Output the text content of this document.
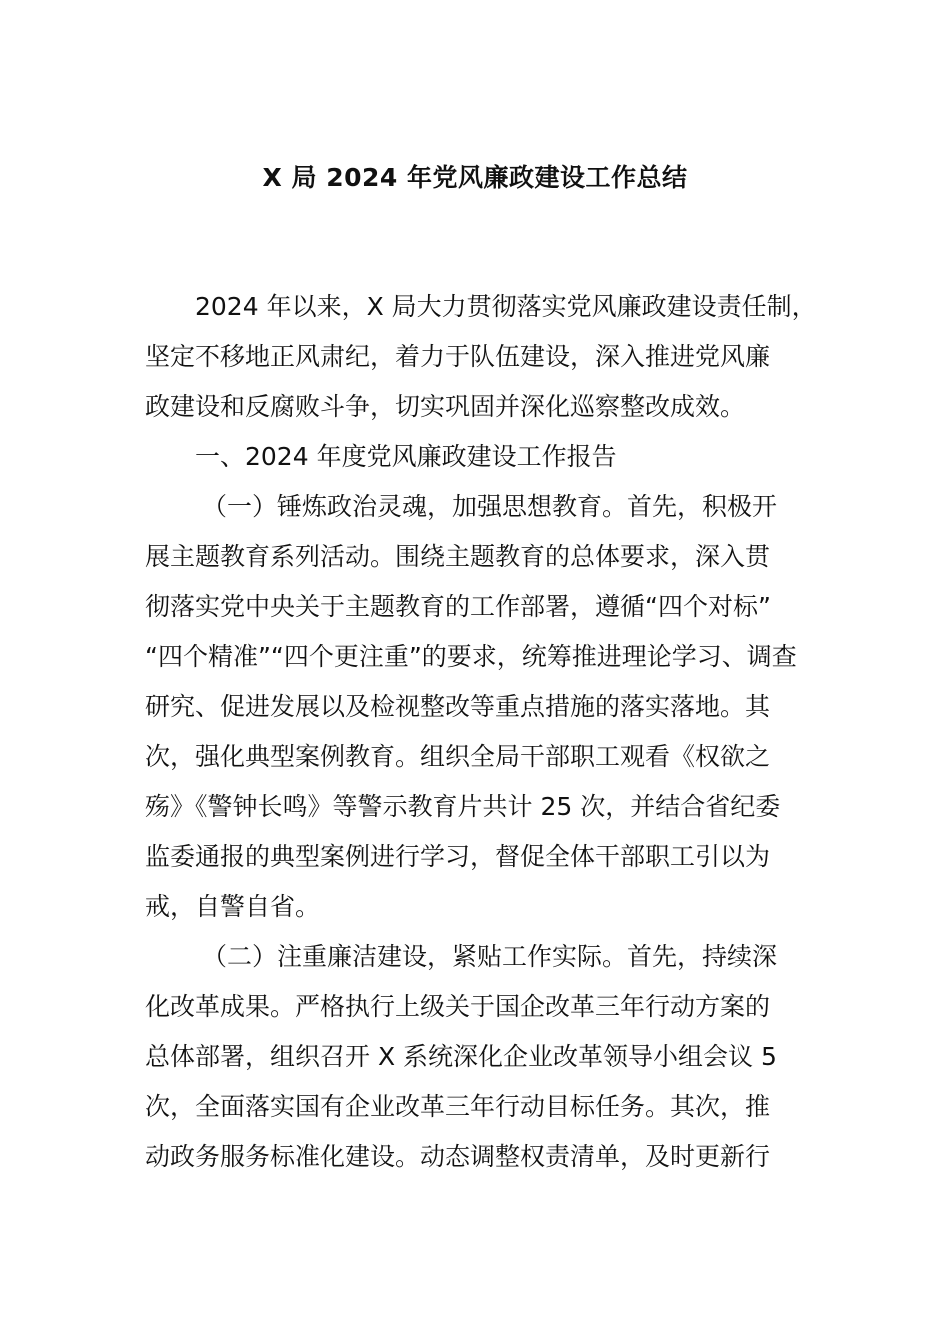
X 局 2024 年党风廉政建设工作总结
2024 年以来，X 局大力贯彻落实党风廉政建设责任制，
坚定不移地正风肃纪，着力于队伍建设，深入推进党风廉
政建设和反腐败斗争，切实巩固并深化巡察整改成效。
一、2024 年度党风廉政建设工作报告
（一）锤炼政治灵魂，加强思想教育。首先，积极开
展主题教育系列活动。围绕主题教育的总体要求，深入贯
彻落实党中央关于主题教育的工作部署，遵循“四个对标”
“四个精准”“四个更注重”的要求，统筹推进理论学习、调查
研究、促进发展以及检视整改等重点措施的落实落地。其
次，强化典型案例教育。组织全局干部职工观看《权欲之
殇》《警钟长鸣》等警示教育片共计 25 次，并结合省纪委
监委通报的典型案例进行学习，督促全体干部职工引以为
戒，自警自省。
（二）注重廉洁建设，紧贴工作实际。首先，持续深
化改革成果。严格执行上级关于国企改革三年行动方案的
总体部署，组织召开 X 系统深化企业改革领导小组会议 5
次，全面落实国有企业改革三年行动目标任务。其次，推
动政务服务标准化建设。动态调整权责清单，及时更新行
